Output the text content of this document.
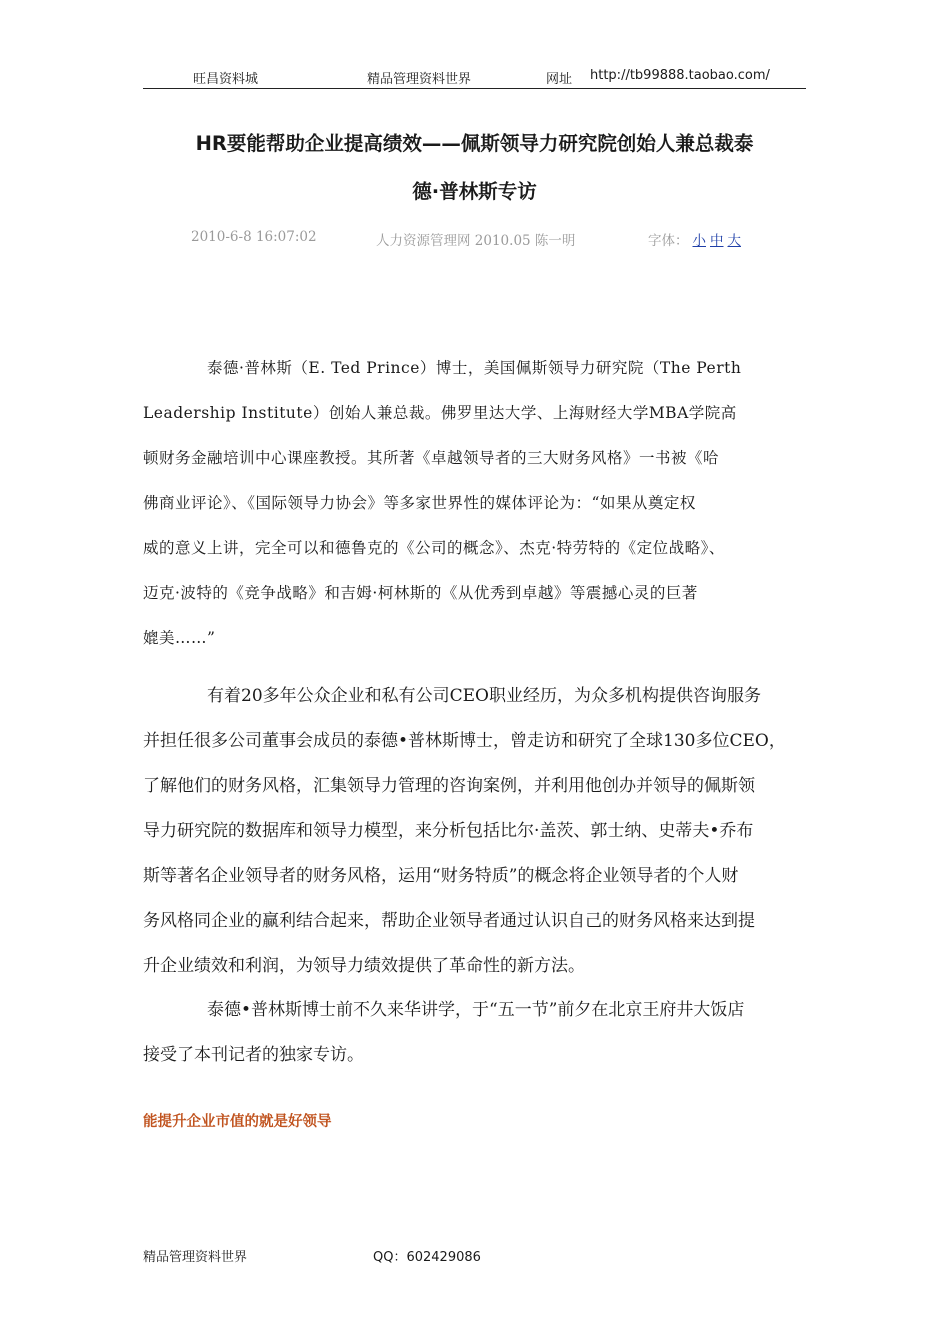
旺昌资料城	精品管理资料世界	网址 http://tb99888.taobao.com/
HR要能帮助企业提高绩效——佩斯领导力研究院创始人兼总裁泰
德·普林斯专访
2010-6-8 16:07:02	人力资源管理网 2010.05 陈一明	字体： 小 中 大
泰德·普林斯（E. Ted Prince）博士，美国佩斯领导力研究院（The Perth
Leadership Institute）创始人兼总裁。佛罗里达大学、上海财经大学MBA学院高
顿财务金融培训中心课座教授。其所著《卓越领导者的三大财务风格》一书被《哈
佛商业评论》、《国际领导力协会》等多家世界性的媒体评论为：“如果从奠定权
威的意义上讲，完全可以和德鲁克的《公司的概念》、杰克·特劳特的《定位战略》、
迈克·波特的《竞争战略》和吉姆·柯林斯的《从优秀到卓越》等震撼心灵的巨著
媲美……”
有着20多年公众企业和私有公司CEO职业经历，为众多机构提供咨询服务
并担任很多公司董事会成员的泰德•普林斯博士，曾走访和研究了全球130多位CEO，
了解他们的财务风格，汇集领导力管理的咨询案例，并利用他创办并领导的佩斯领
导力研究院的数据库和领导力模型，来分析包括比尔·盖茨、郭士纳、史蒂夫•乔布
斯等著名企业领导者的财务风格，运用“财务特质”的概念将企业领导者的个人财
务风格同企业的赢利结合起来，帮助企业领导者通过认识自己的财务风格来达到提
升企业绩效和利润，为领导力绩效提供了革命性的新方法。
泰德•普林斯博士前不久来华讲学，于“五一节”前夕在北京王府井大饭店
接受了本刊记者的独家专访。
能提升企业市值的就是好领导
精品管理资料世界	QQ：602429086
